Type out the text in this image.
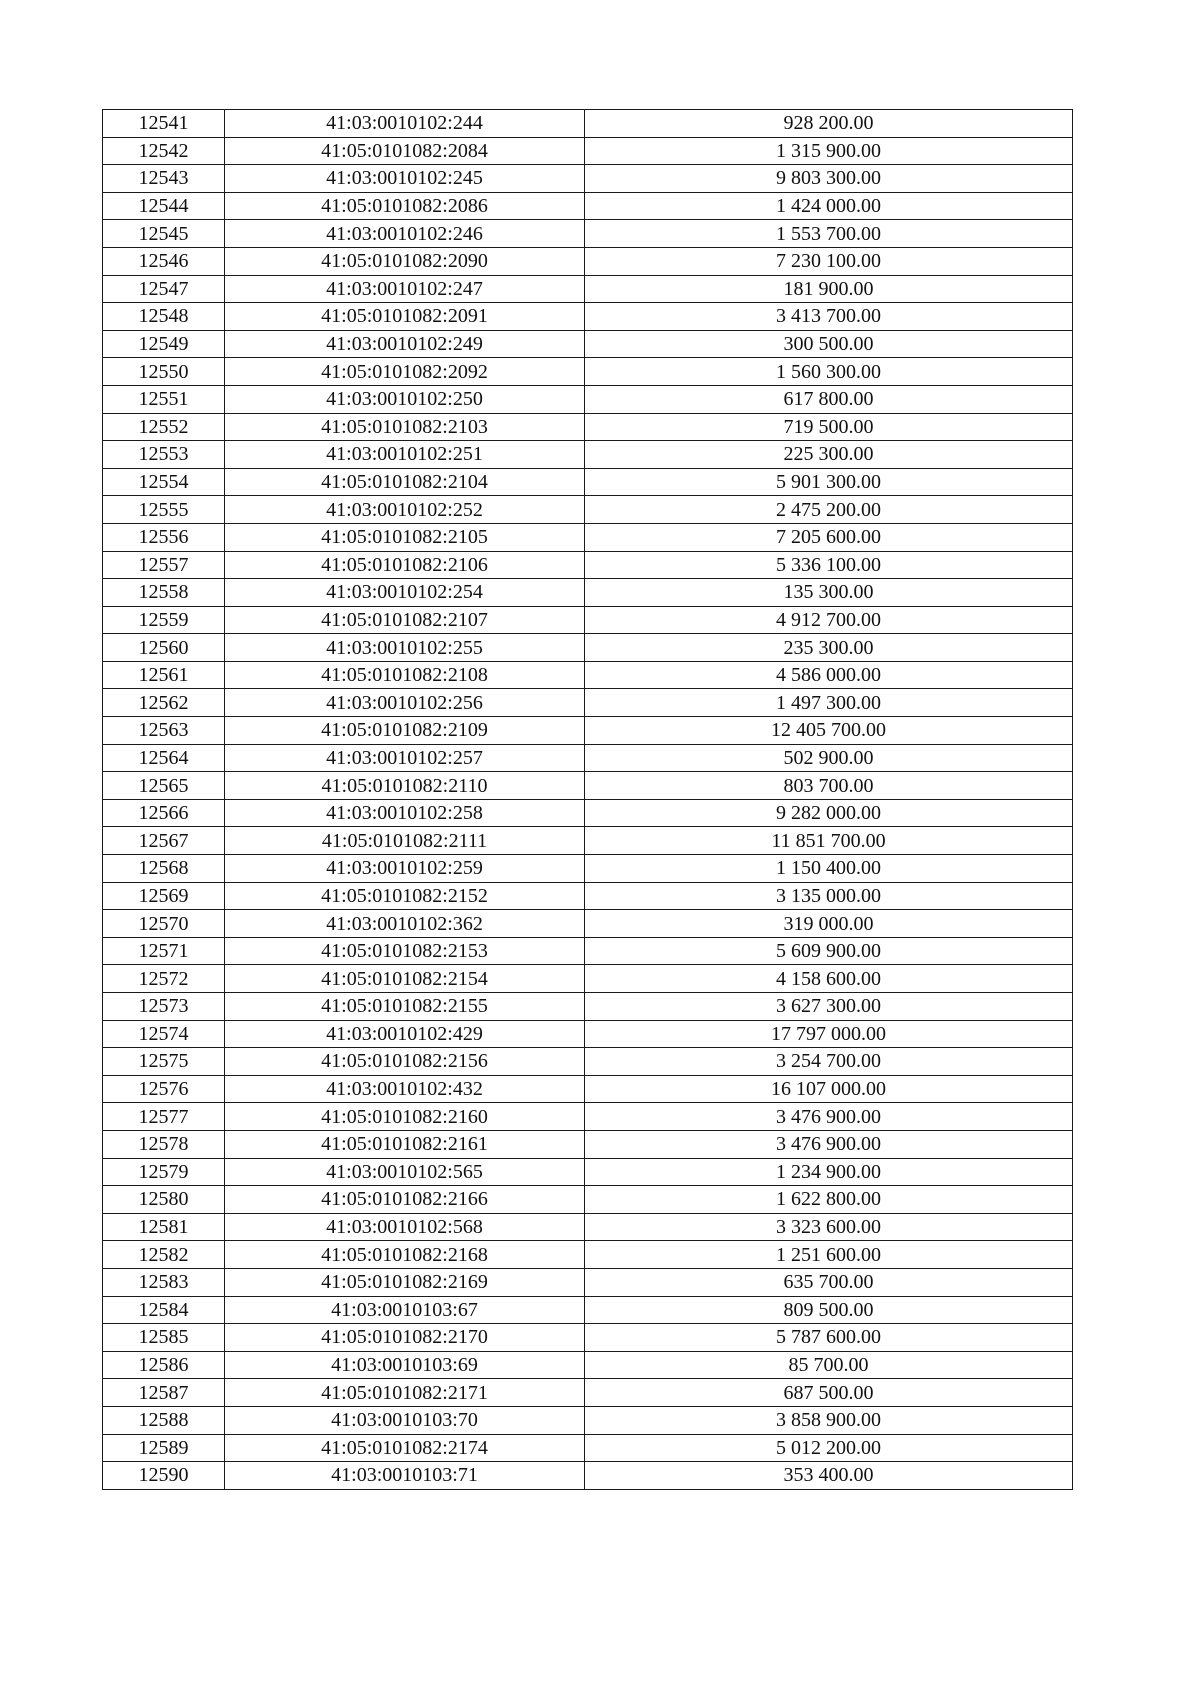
12541	41:03:0010102:244	928 200.00
12542	41:05:0101082:2084	1 315 900.00
12543	41:03:0010102:245	9 803 300.00
12544	41:05:0101082:2086	1 424 000.00
12545	41:03:0010102:246	1 553 700.00
12546	41:05:0101082:2090	7 230 100.00
12547	41:03:0010102:247	181 900.00
12548	41:05:0101082:2091	3 413 700.00
12549	41:03:0010102:249	300 500.00
12550	41:05:0101082:2092	1 560 300.00
12551	41:03:0010102:250	617 800.00
12552	41:05:0101082:2103	719 500.00
12553	41:03:0010102:251	225 300.00
12554	41:05:0101082:2104	5 901 300.00
12555	41:03:0010102:252	2 475 200.00
12556	41:05:0101082:2105	7 205 600.00
12557	41:05:0101082:2106	5 336 100.00
12558	41:03:0010102:254	135 300.00
12559	41:05:0101082:2107	4 912 700.00
12560	41:03:0010102:255	235 300.00
12561	41:05:0101082:2108	4 586 000.00
12562	41:03:0010102:256	1 497 300.00
12563	41:05:0101082:2109	12 405 700.00
12564	41:03:0010102:257	502 900.00
12565	41:05:0101082:2110	803 700.00
12566	41:03:0010102:258	9 282 000.00
12567	41:05:0101082:2111	11 851 700.00
12568	41:03:0010102:259	1 150 400.00
12569	41:05:0101082:2152	3 135 000.00
12570	41:03:0010102:362	319 000.00
12571	41:05:0101082:2153	5 609 900.00
12572	41:05:0101082:2154	4 158 600.00
12573	41:05:0101082:2155	3 627 300.00
12574	41:03:0010102:429	17 797 000.00
12575	41:05:0101082:2156	3 254 700.00
12576	41:03:0010102:432	16 107 000.00
12577	41:05:0101082:2160	3 476 900.00
12578	41:05:0101082:2161	3 476 900.00
12579	41:03:0010102:565	1 234 900.00
12580	41:05:0101082:2166	1 622 800.00
12581	41:03:0010102:568	3 323 600.00
12582	41:05:0101082:2168	1 251 600.00
12583	41:05:0101082:2169	635 700.00
12584	41:03:0010103:67	809 500.00
12585	41:05:0101082:2170	5 787 600.00
12586	41:03:0010103:69	85 700.00
12587	41:05:0101082:2171	687 500.00
12588	41:03:0010103:70	3 858 900.00
12589	41:05:0101082:2174	5 012 200.00
12590	41:03:0010103:71	353 400.00
